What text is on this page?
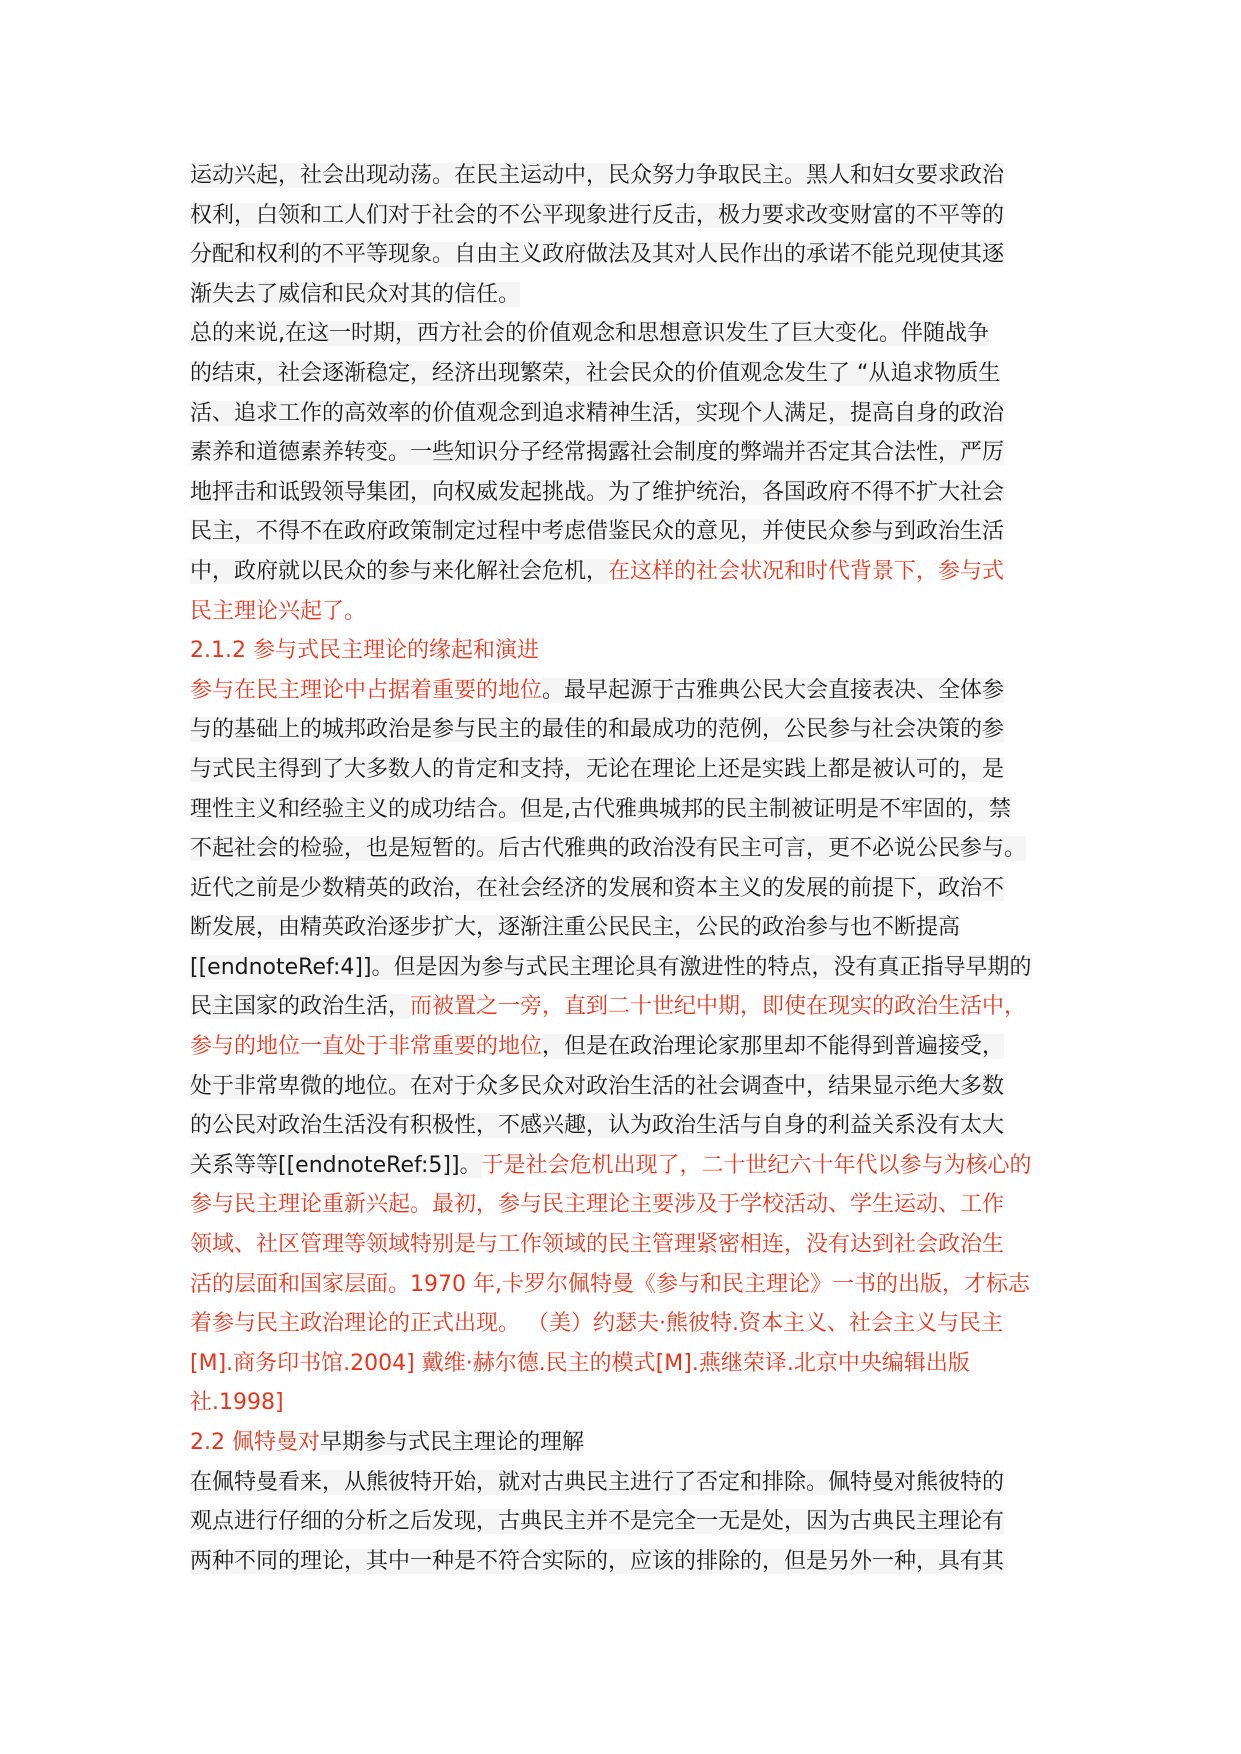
运动兴起，社会出现动荡。在民主运动中，民众努力争取民主。黑人和妇女要求政治
权利，白领和工人们对于社会的不公平现象进行反击，极力要求改变财富的不平等的
分配和权利的不平等现象。自由主义政府做法及其对人民作出的承诺不能兑现使其逐
渐失去了威信和民众对其的信任。
总的来说,在这一时期，西方社会的价值观念和思想意识发生了巨大变化。伴随战争
的结束，社会逐渐稳定，经济出现繁荣，社会民众的价值观念发生了 “从追求物质生
活、追求工作的高效率的价值观念到追求精神生活，实现个人满足，提高自身的政治
素养和道德素养转变。一些知识分子经常揭露社会制度的弊端并否定其合法性，严厉
地抨击和诋毁领导集团，向权威发起挑战。为了维护统治，各国政府不得不扩大社会
民主，不得不在政府政策制定过程中考虑借鉴民众的意见，并使民众参与到政治生活
中，政府就以民众的参与来化解社会危机，在这样的社会状况和时代背景下，参与式
民主理论兴起了。
2.1.2 参与式民主理论的缘起和演进
参与在民主理论中占据着重要的地位。最早起源于古雅典公民大会直接表决、全体参
与的基础上的城邦政治是参与民主的最佳的和最成功的范例，公民参与社会决策的参
与式民主得到了大多数人的肯定和支持，无论在理论上还是实践上都是被认可的，是
理性主义和经验主义的成功结合。但是,古代雅典城邦的民主制被证明是不牢固的，禁
不起社会的检验，也是短暂的。后古代雅典的政治没有民主可言，更不必说公民参与。
近代之前是少数精英的政治，在社会经济的发展和资本主义的发展的前提下，政治不
断发展，由精英政治逐步扩大，逐渐注重公民民主，公民的政治参与也不断提高
[[endnoteRef:4]]。但是因为参与式民主理论具有激进性的特点，没有真正指导早期的
民主国家的政治生活，而被置之一旁，直到二十世纪中期，即使在现实的政治生活中，
参与的地位一直处于非常重要的地位，但是在政治理论家那里却不能得到普遍接受，
处于非常卑微的地位。在对于众多民众对政治生活的社会调查中，结果显示绝大多数
的公民对政治生活没有积极性，不感兴趣，认为政治生活与自身的利益关系没有太大
关系等等[[endnoteRef:5]]。于是社会危机出现了，二十世纪六十年代以参与为核心的
参与民主理论重新兴起。最初，参与民主理论主要涉及于学校活动、学生运动、工作
领域、社区管理等领域特别是与工作领域的民主管理紧密相连，没有达到社会政治生
活的层面和国家层面。1970 年,卡罗尔佩特曼《参与和民主理论》一书的出版，才标志
着参与民主政治理论的正式出现。 （美）约瑟夫·熊彼特.资本主义、社会主义与民主
[M].商务印书馆.2004] 戴维·赫尔德.民主的模式[M].燕继荣译.北京中央编辑出版
社.1998]
2.2 佩特曼对早期参与式民主理论的理解
在佩特曼看来，从熊彼特开始，就对古典民主进行了否定和排除。佩特曼对熊彼特的
观点进行仔细的分析之后发现，古典民主并不是完全一无是处，因为古典民主理论有
两种不同的理论，其中一种是不符合实际的，应该的排除的，但是另外一种，具有其
